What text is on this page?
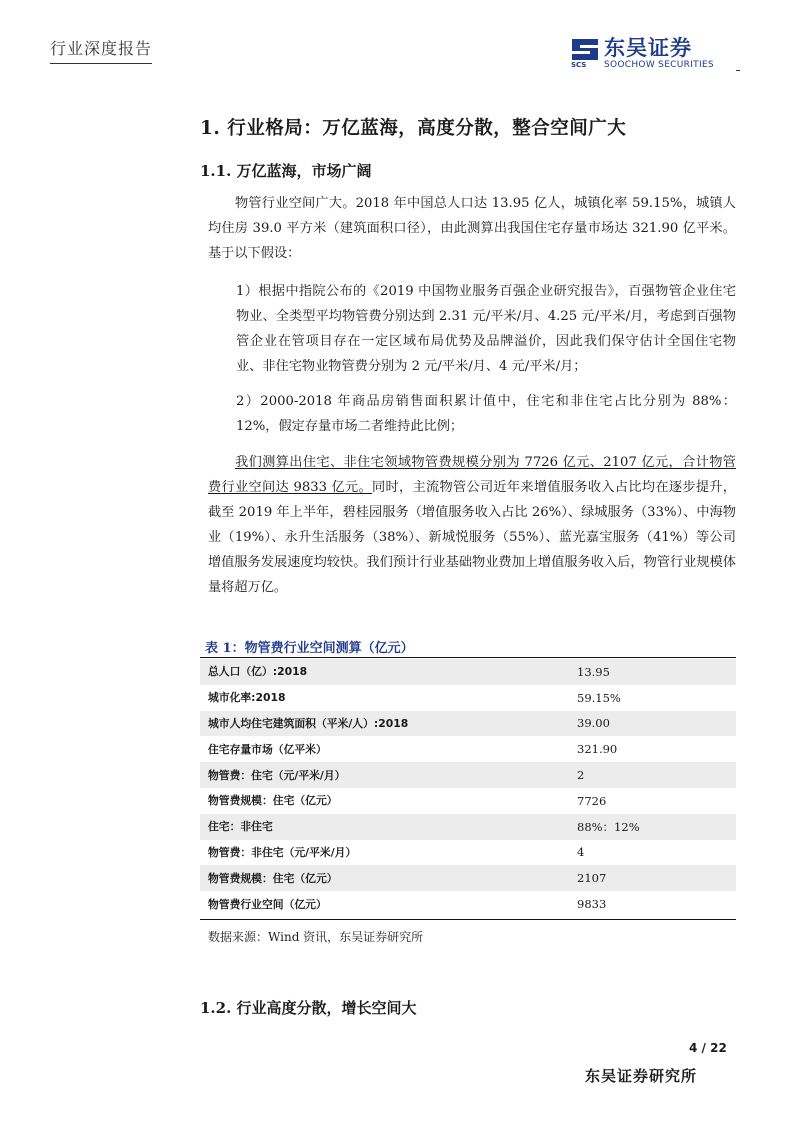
行业深度报告
SCS
东吴证券
SOOCHOW SECURITIES
1. 行业格局：万亿蓝海，高度分散，整合空间广大
1.1. 万亿蓝海，市场广阔
物管行业空间广大。2018 年中国总人口达 13.95 亿人，城镇化率 59.15%，城镇人均住房 39.0 平方米（建筑面积口径），由此测算出我国住宅存量市场达 321.90 亿平米。基于以下假设：
1）根据中指院公布的《2019 中国物业服务百强企业研究报告》，百强物管企业住宅物业、全类型平均物管费分别达到 2.31 元/平米/月、4.25 元/平米/月，考虑到百强物管企业在管项目存在一定区域布局优势及品牌溢价，因此我们保守估计全国住宅物业、非住宅物业物管费分别为 2 元/平米/月、4 元/平米/月；
2）2000-2018 年商品房销售面积累计值中，住宅和非住宅占比分别为 88%：12%，假定存量市场二者维持此比例；
我们测算出住宅、非住宅领域物管费规模分别为 7726 亿元、2107 亿元，合计物管费行业空间达 9833 亿元。同时，主流物管公司近年来增值服务收入占比均在逐步提升，截至 2019 年上半年，碧桂园服务（增值服务收入占比 26%）、绿城服务（33%）、中海物业（19%）、永升生活服务（38%）、新城悦服务（55%）、蓝光嘉宝服务（41%）等公司增值服务发展速度均较快。我们预计行业基础物业费加上增值服务收入后，物管行业规模体量将超万亿。
表 1：物管费行业空间测算（亿元）
总人口（亿）:2018	13.95
城市化率:2018	59.15%
城市人均住宅建筑面积（平米/人）:2018	39.00
住宅存量市场（亿平米）	321.90
物管费：住宅（元/平米/月）	2
物管费规模：住宅（亿元）	7726
住宅：非住宅	88%：12%
物管费：非住宅（元/平米/月）	4
物管费规模：住宅（亿元）	2107
物管费行业空间（亿元）	9833
数据来源：Wind 资讯，东吴证券研究所
1.2. 行业高度分散，增长空间大
4 / 22
东吴证券研究所
